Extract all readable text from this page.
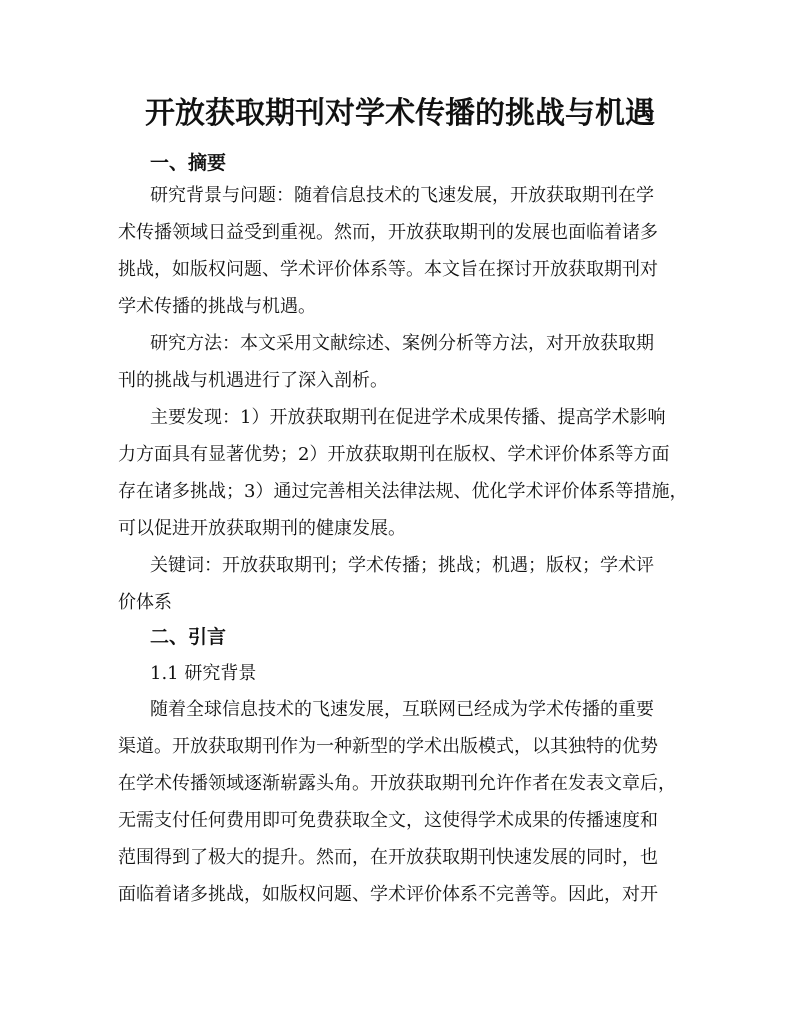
开放获取期刊对学术传播的挑战与机遇
一、摘要
研究背景与问题：随着信息技术的飞速发展，开放获取期刊在学
术传播领域日益受到重视。然而，开放获取期刊的发展也面临着诸多
挑战，如版权问题、学术评价体系等。本文旨在探讨开放获取期刊对
学术传播的挑战与机遇。
研究方法：本文采用文献综述、案例分析等方法，对开放获取期
刊的挑战与机遇进行了深入剖析。
主要发现：1）开放获取期刊在促进学术成果传播、提高学术影响
力方面具有显著优势；2）开放获取期刊在版权、学术评价体系等方面
存在诸多挑战；3）通过完善相关法律法规、优化学术评价体系等措施，
可以促进开放获取期刊的健康发展。
关键词：开放获取期刊；学术传播；挑战；机遇；版权；学术评
价体系
二、引言
1.1 研究背景
随着全球信息技术的飞速发展，互联网已经成为学术传播的重要
渠道。开放获取期刊作为一种新型的学术出版模式，以其独特的优势
在学术传播领域逐渐崭露头角。开放获取期刊允许作者在发表文章后，
无需支付任何费用即可免费获取全文，这使得学术成果的传播速度和
范围得到了极大的提升。然而，在开放获取期刊快速发展的同时，也
面临着诸多挑战，如版权问题、学术评价体系不完善等。因此，对开
